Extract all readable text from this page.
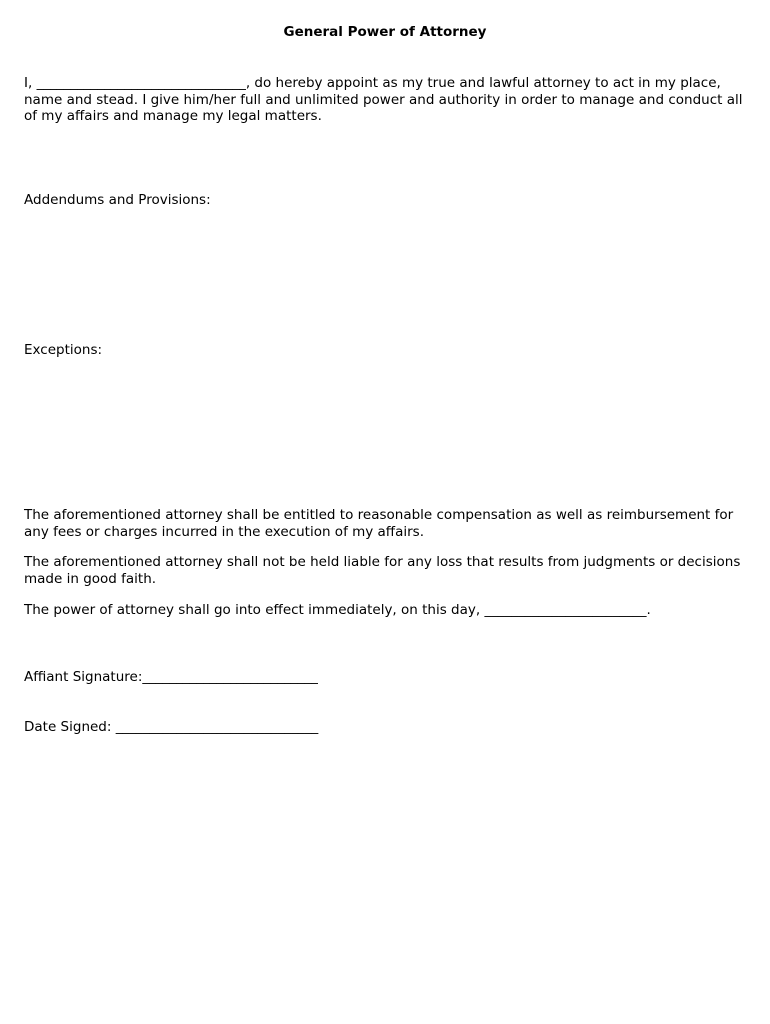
General Power of Attorney

I, _______________________________, do hereby appoint as my true and lawful attorney to act in my place, name and stead. I give him/her full and unlimited power and authority in order to manage and conduct all of my affairs and manage my legal matters.

Addendums and Provisions:

Exceptions:

The aforementioned attorney shall be entitled to reasonable compensation as well as reimbursement for any fees or charges incurred in the execution of my affairs.

The aforementioned attorney shall not be held liable for any loss that results from judgments or decisions made in good faith.

The power of attorney shall go into effect immediately, on this day, ________________________.

Affiant Signature:__________________________

Date Signed: ______________________________
